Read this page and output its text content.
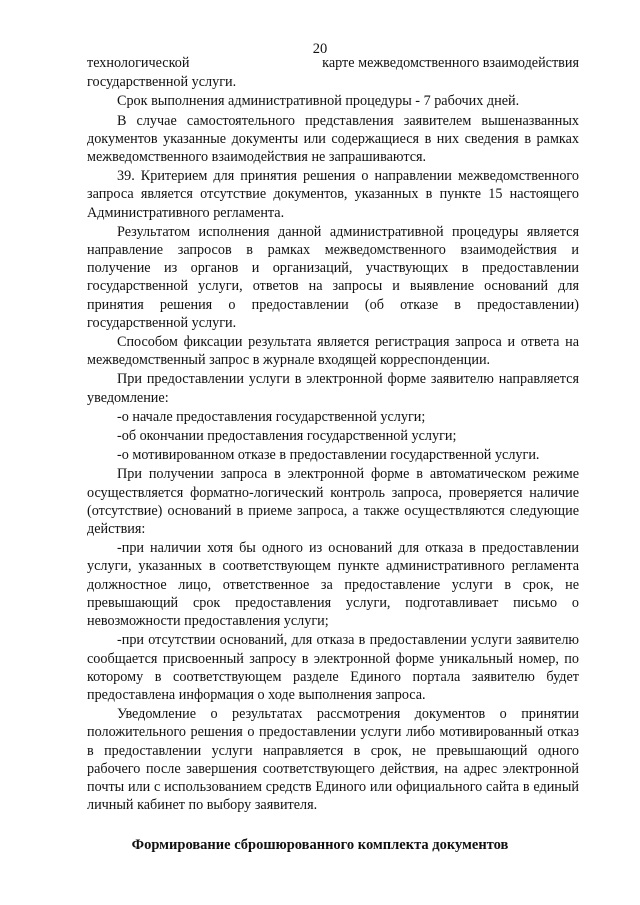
20
технологической	карте межведомственного взаимодействия

государственной услуги.

Срок выполнения административной процедуры - 7 рабочих дней.

В случае самостоятельного представления заявителем вышеназванных документов указанные документы или содержащиеся в них сведения в рамках межведомственного взаимодействия не запрашиваются.

39. Критерием для принятия решения о направлении межведомственного запроса является отсутствие документов, указанных в пункте 15 настоящего Административного регламента.

Результатом исполнения данной административной процедуры является направление запросов в рамках межведомственного взаимодействия и получение из органов и организаций, участвующих в предоставлении государственной услуги, ответов на запросы и выявление оснований для принятия решения о предоставлении (об отказе в предоставлении) государственной услуги.

Способом фиксации результата является регистрация запроса и ответа на межведомственный запрос в журнале входящей корреспонденции.

При предоставлении услуги в электронной форме заявителю направляется уведомление:

-о начале предоставления государственной услуги;

-об окончании предоставления государственной услуги;

-о мотивированном отказе в предоставлении государственной услуги.

При получении запроса в электронной форме в автоматическом режиме осуществляется форматно-логический контроль запроса, проверяется наличие (отсутствие) оснований в приеме запроса, а также осуществляются следующие действия:

-при наличии хотя бы одного из оснований для отказа в предоставлении услуги, указанных в соответствующем пункте административного регламента должностное лицо, ответственное за предоставление услуги в срок, не превышающий срок предоставления услуги, подготавливает письмо о невозможности предоставления услуги;

-при отсутствии оснований, для отказа в предоставлении услуги заявителю сообщается присвоенный запросу в электронной форме уникальный номер, по которому в соответствующем разделе Единого портала заявителю будет предоставлена информация о ходе выполнения запроса.

Уведомление о результатах рассмотрения документов о принятии положительного решения о предоставлении услуги либо мотивированный отказ в предоставлении услуги направляется в срок, не превышающий одного рабочего после завершения соответствующего действия, на адрес электронной почты или с использованием средств Единого или официального сайта в единый личный кабинет по выбору заявителя.

Формирование сброшюрованного комплекта документов
